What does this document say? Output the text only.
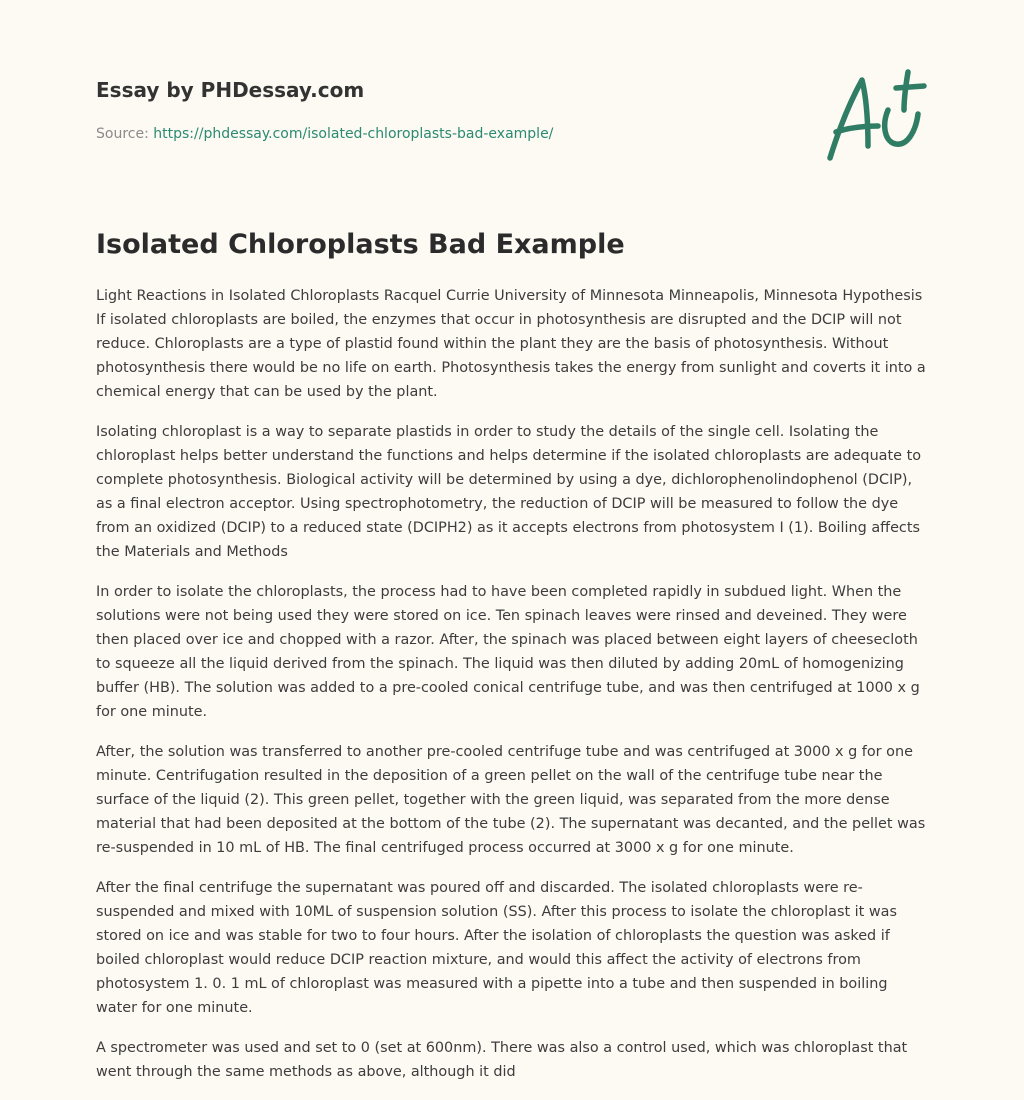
Essay by PHDessay.com
Source: https://phdessay.com/isolated-chloroplasts-bad-example/
Isolated Chloroplasts Bad Example

Light Reactions in Isolated Chloroplasts Racquel Currie University of Minnesota Minneapolis, Minnesota Hypothesis If isolated chloroplasts are boiled, the enzymes that occur in photosynthesis are disrupted and the DCIP will not reduce. Chloroplasts are a type of plastid found within the plant they are the basis of photosynthesis. Without photosynthesis there would be no life on earth. Photosynthesis takes the energy from sunlight and coverts it into a chemical energy that can be used by the plant.

Isolating chloroplast is a way to separate plastids in order to study the details of the single cell. Isolating the chloroplast helps better understand the functions and helps determine if the isolated chloroplasts are adequate to complete photosynthesis. Biological activity will be determined by using a dye, dichlorophenolindophenol (DCIP), as a final electron acceptor. Using spectrophotometry, the reduction of DCIP will be measured to follow the dye from an oxidized (DCIP) to a reduced state (DCIPH2) as it accepts electrons from photosystem I (1). Boiling affects the Materials and Methods

In order to isolate the chloroplasts, the process had to have been completed rapidly in subdued light. When the solutions were not being used they were stored on ice. Ten spinach leaves were rinsed and deveined. They were then placed over ice and chopped with a razor. After, the spinach was placed between eight layers of cheesecloth to squeeze all the liquid derived from the spinach. The liquid was then diluted by adding 20mL of homogenizing buffer (HB). The solution was added to a pre-cooled conical centrifuge tube, and was then centrifuged at 1000 x g for one minute.

After, the solution was transferred to another pre-cooled centrifuge tube and was centrifuged at 3000 x g for one minute. Centrifugation resulted in the deposition of a green pellet on the wall of the centrifuge tube near the surface of the liquid (2). This green pellet, together with the green liquid, was separated from the more dense material that had been deposited at the bottom of the tube (2). The supernatant was decanted, and the pellet was re-suspended in 10 mL of HB. The final centrifuged process occurred at 3000 x g for one minute.

After the final centrifuge the supernatant was poured off and discarded. The isolated chloroplasts were re-suspended and mixed with 10ML of suspension solution (SS). After this process to isolate the chloroplast it was stored on ice and was stable for two to four hours. After the isolation of chloroplasts the question was asked if boiled chloroplast would reduce DCIP reaction mixture, and would this affect the activity of electrons from photosystem 1. 0. 1 mL of chloroplast was measured with a pipette into a tube and then suspended in boiling water for one minute.

A spectrometer was used and set to 0 (set at 600nm). There was also a control used, which was chloroplast that went through the same methods as above, although it did
